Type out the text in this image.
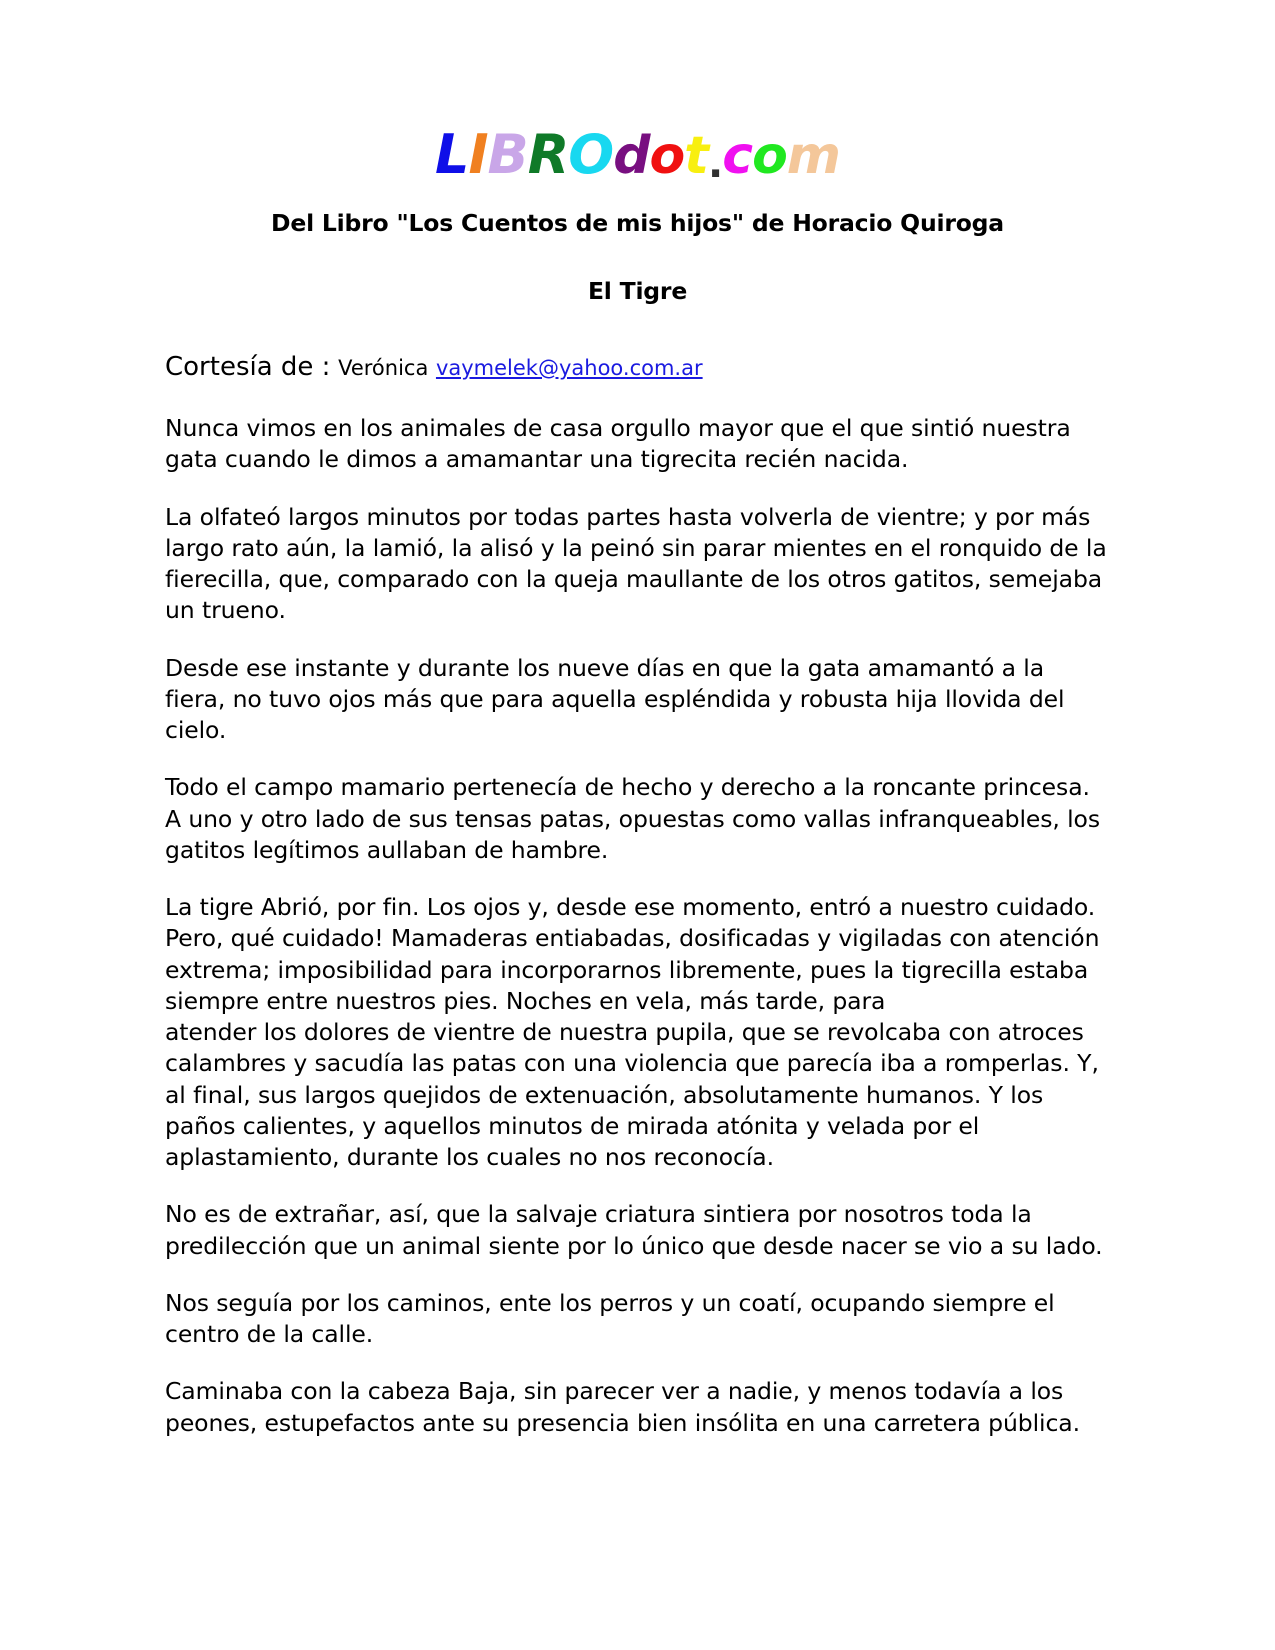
LIBROdot.com
Del Libro "Los Cuentos de mis hijos" de Horacio Quiroga
El Tigre

Cortesía de : Verónica vaymelek@yahoo.com.ar

Nunca vimos en los animales de casa orgullo mayor que el que sintió nuestra gata cuando le dimos a amamantar una tigrecita recién nacida.

La olfateó largos minutos por todas partes hasta volverla de vientre; y por más largo rato aún, la lamió, la alisó y la peinó sin parar mientes en el ronquido de la fierecilla, que, comparado con la queja maullante de los otros gatitos, semejaba un trueno.

Desde ese instante y durante los nueve días en que la gata amamantó a la fiera, no tuvo ojos más que para aquella espléndida y robusta hija llovida del cielo.

Todo el campo mamario pertenecía de hecho y derecho a la roncante princesa. A uno y otro lado de sus tensas patas, opuestas como vallas infranqueables, los gatitos legítimos aullaban de hambre.

La tigre Abrió, por fin. Los ojos y, desde ese momento, entró a nuestro cuidado. Pero, qué cuidado! Mamaderas entiabadas, dosificadas y vigiladas con atención extrema; imposibilidad para incorporarnos libremente, pues la tigrecilla estaba siempre entre nuestros pies. Noches en vela, más tarde, para
atender los dolores de vientre de nuestra pupila, que se revolcaba con atroces calambres y sacudía las patas con una violencia que parecía iba a romperlas. Y, al final, sus largos quejidos de extenuación, absolutamente humanos. Y los paños calientes, y aquellos minutos de mirada atónita y velada por el aplastamiento, durante los cuales no nos reconocía.

No es de extrañar, así, que la salvaje criatura sintiera por nosotros toda la predilección que un animal siente por lo único que desde nacer se vio a su lado.

Nos seguía por los caminos, ente los perros y un coatí, ocupando siempre el centro de la calle.

Caminaba con la cabeza Baja, sin parecer ver a nadie, y menos todavía a los peones, estupefactos ante su presencia bien insólita en una carretera pública.
